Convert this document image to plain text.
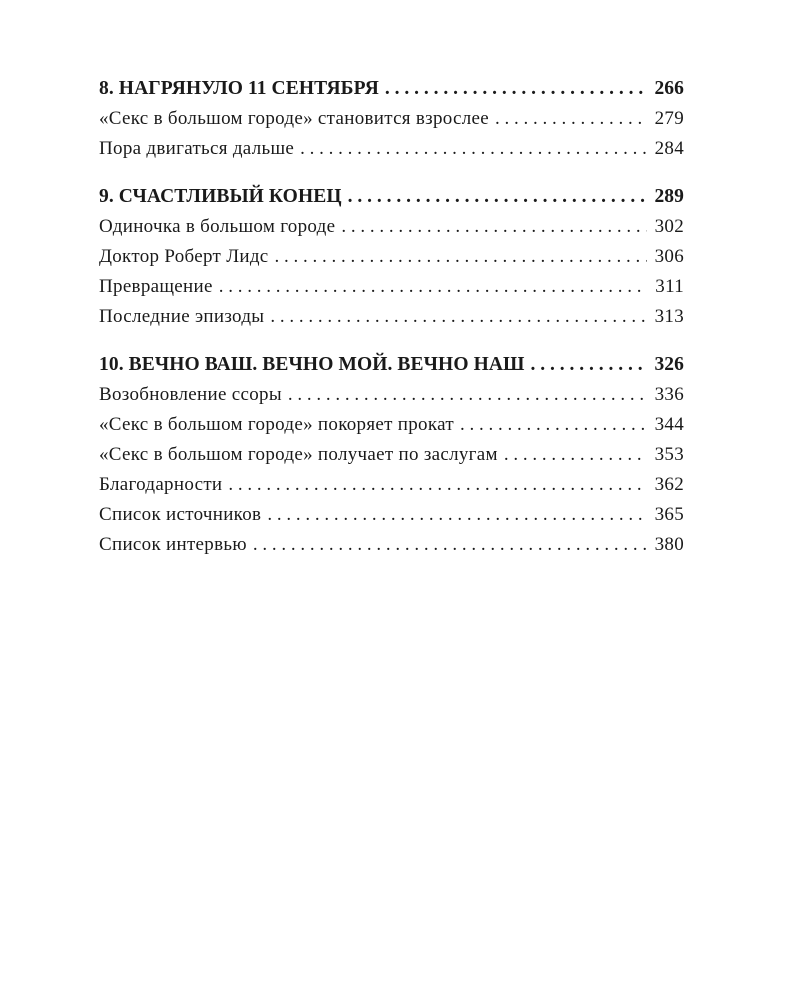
8. НАГРЯНУЛО 11 СЕНТЯБРЯ . . .	266
«Секс в большом городе» становится взрослее . . .	279
Пора двигаться дальше . . .	284
9. СЧАСТЛИВЫЙ КОНЕЦ . . .	289
Одиночка в большом городе . . .	302
Доктор Роберт Лидс . . .	306
Превращение . . .	311
Последние эпизоды . . .	313
10. ВЕЧНО ВАШ. ВЕЧНО МОЙ. ВЕЧНО НАШ . . .	326
Возобновление ссоры . . .	336
«Секс в большом городе» покоряет прокат . . .	344
«Секс в большом городе» получает по заслугам . . .	353
Благодарности . . .	362
Список источников . . .	365
Список интервью . . .	380
